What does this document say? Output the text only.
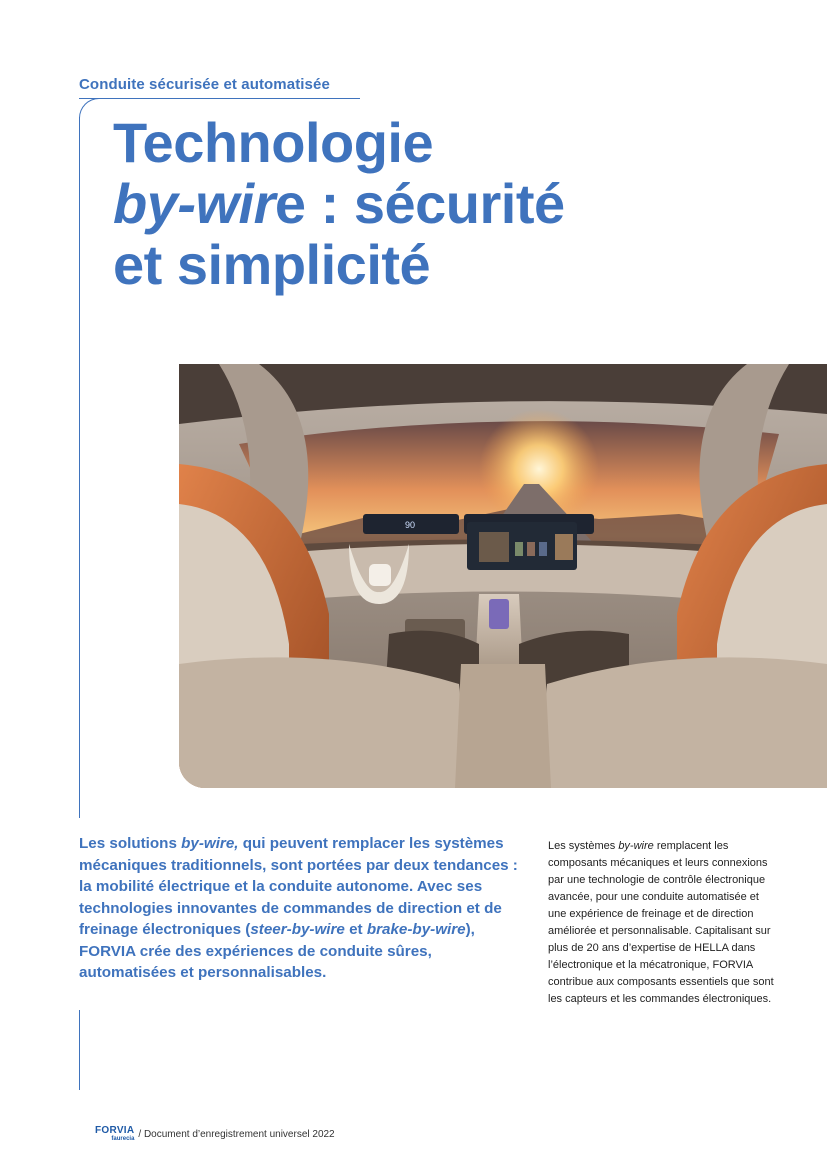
Conduite sécurisée et automatisée
Technologie
by-wire : sécurité
et simplicité
90

Les solutions by-wire, qui peuvent remplacer les systèmes mécaniques traditionnels, sont portées par deux tendances : la mobilité électrique et la conduite autonome. Avec ses technologies innovantes de commandes de direction et de freinage électroniques (steer-by-wire et brake-by-wire), FORVIA crée des expériences de conduite sûres, automatisées et personnalisables.

Les systèmes by-wire remplacent les composants mécaniques et leurs connexions par une technologie de contrôle électronique avancée, pour une conduite automatisée et une expérience de freinage et de direction améliorée et personnalisable. Capitalisant sur plus de 20 ans d’expertise de HELLA dans l’électronique et la mécatronique, FORVIA contribue aux composants essentiels que sont les capteurs et les commandes électroniques.

FORVIA
faurecia / Document d’enregistrement universel 2022
